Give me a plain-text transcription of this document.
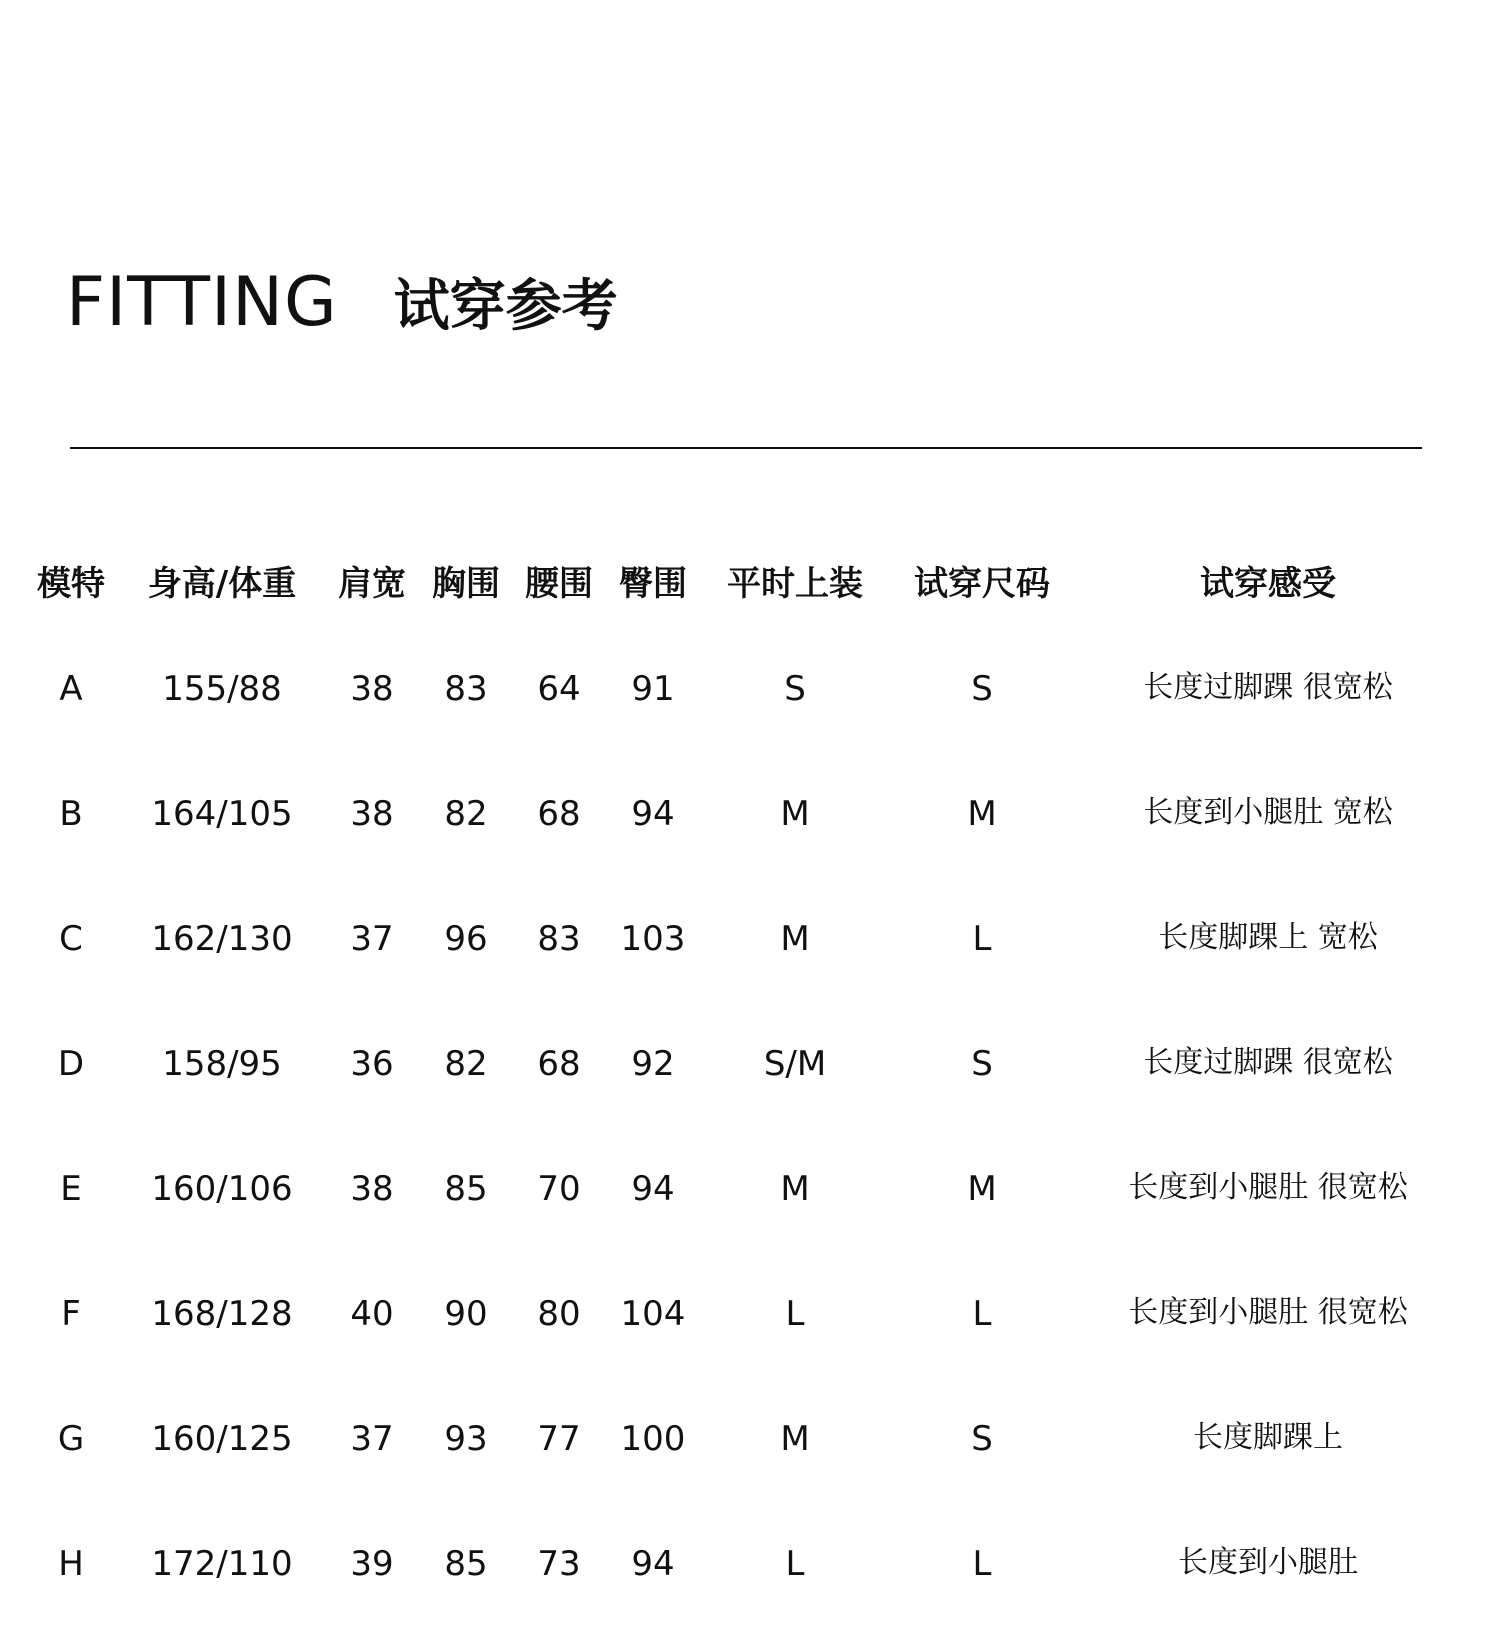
FITTING 试穿参考
模特 身高/体重 肩宽 胸围 腰围 臀围 平时上装 试穿尺码	试穿感受
A 155/88 38 83 64 91	S	S	长度过脚踝 很宽松
B 164/105 38 82 68 94	M	M	长度到小腿肚 宽松
C 162/130 37 96 83 103	M	L	长度脚踝上 宽松
D 158/95 36 82 68 92	S/M	S	长度过脚踝 很宽松
E 160/106 38 85 70 94	M	M	长度到小腿肚 很宽松
F 168/128 40 90 80 104	L	L	长度到小腿肚 很宽松
G 160/125 37 93 77 100	M	S	长度脚踝上
H 172/110 39 85 73 94	L	L	长度到小腿肚
